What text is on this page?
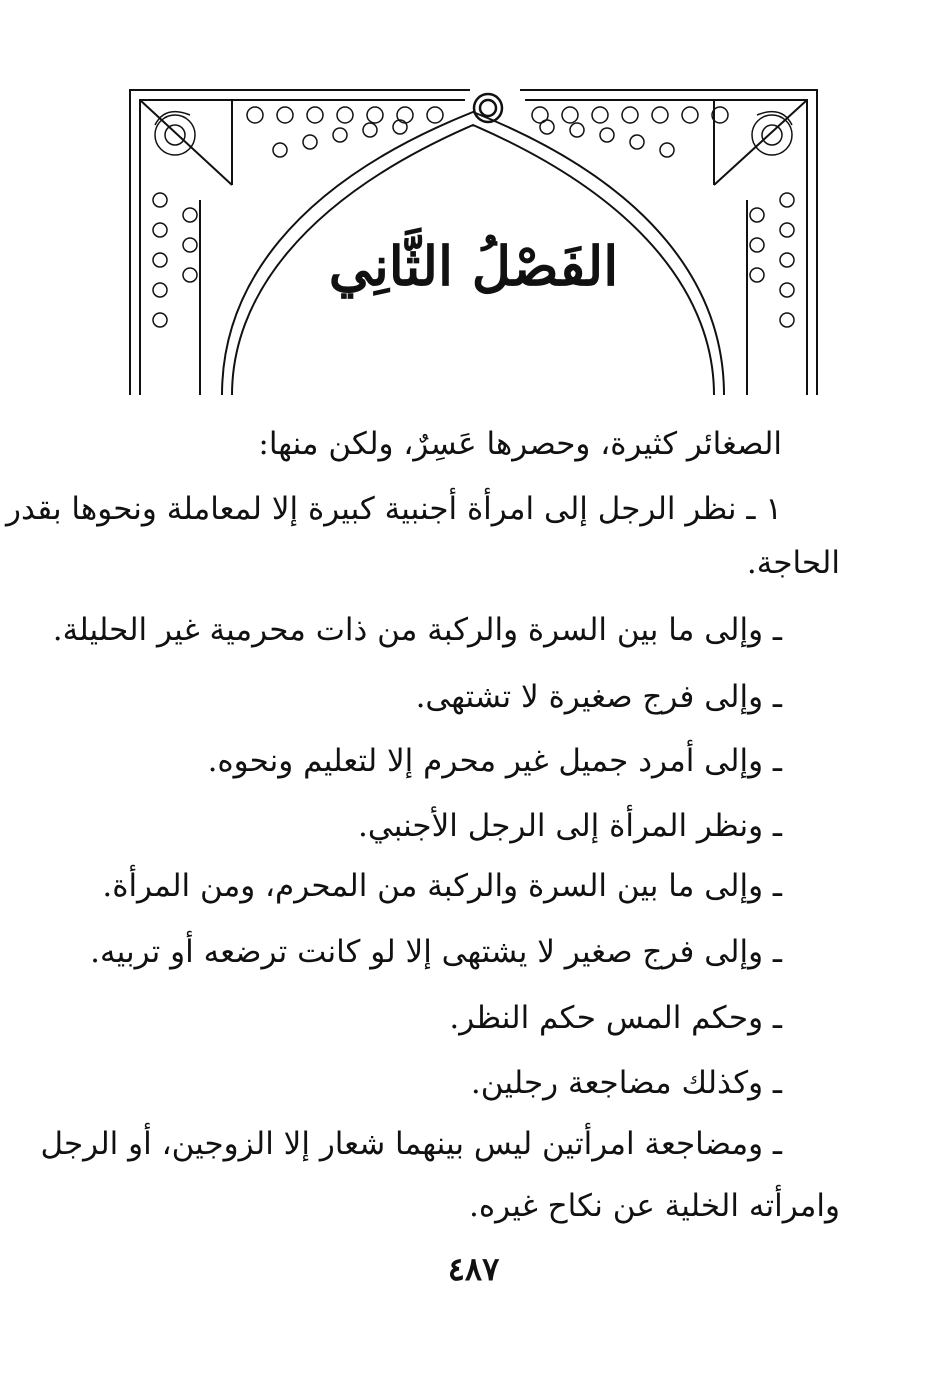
الفَصْلُ الثَّانِي
الصغائر كثيرة، وحصرها عَسِرٌ، ولكن منها:
١ ـ نظر الرجل إلى امرأة أجنبية كبيرة إلا لمعاملة ونحوها بقدر
الحاجة.
ـ وإلى ما بين السرة والركبة من ذات محرمية غير الحليلة.
ـ وإلى فرج صغيرة لا تشتهى.
ـ وإلى أمرد جميل غير محرم إلا لتعليم ونحوه.
ـ ونظر المرأة إلى الرجل الأجنبي.
ـ وإلى ما بين السرة والركبة من المحرم، ومن المرأة.
ـ وإلى فرج صغير لا يشتهى إلا لو كانت ترضعه أو تربيه.
ـ وحكم المس حكم النظر.
ـ وكذلك مضاجعة رجلين.
ـ ومضاجعة امرأتين ليس بينهما شعار إلا الزوجين، أو الرجل
وامرأته الخلية عن نكاح غيره.
٤٨٧
